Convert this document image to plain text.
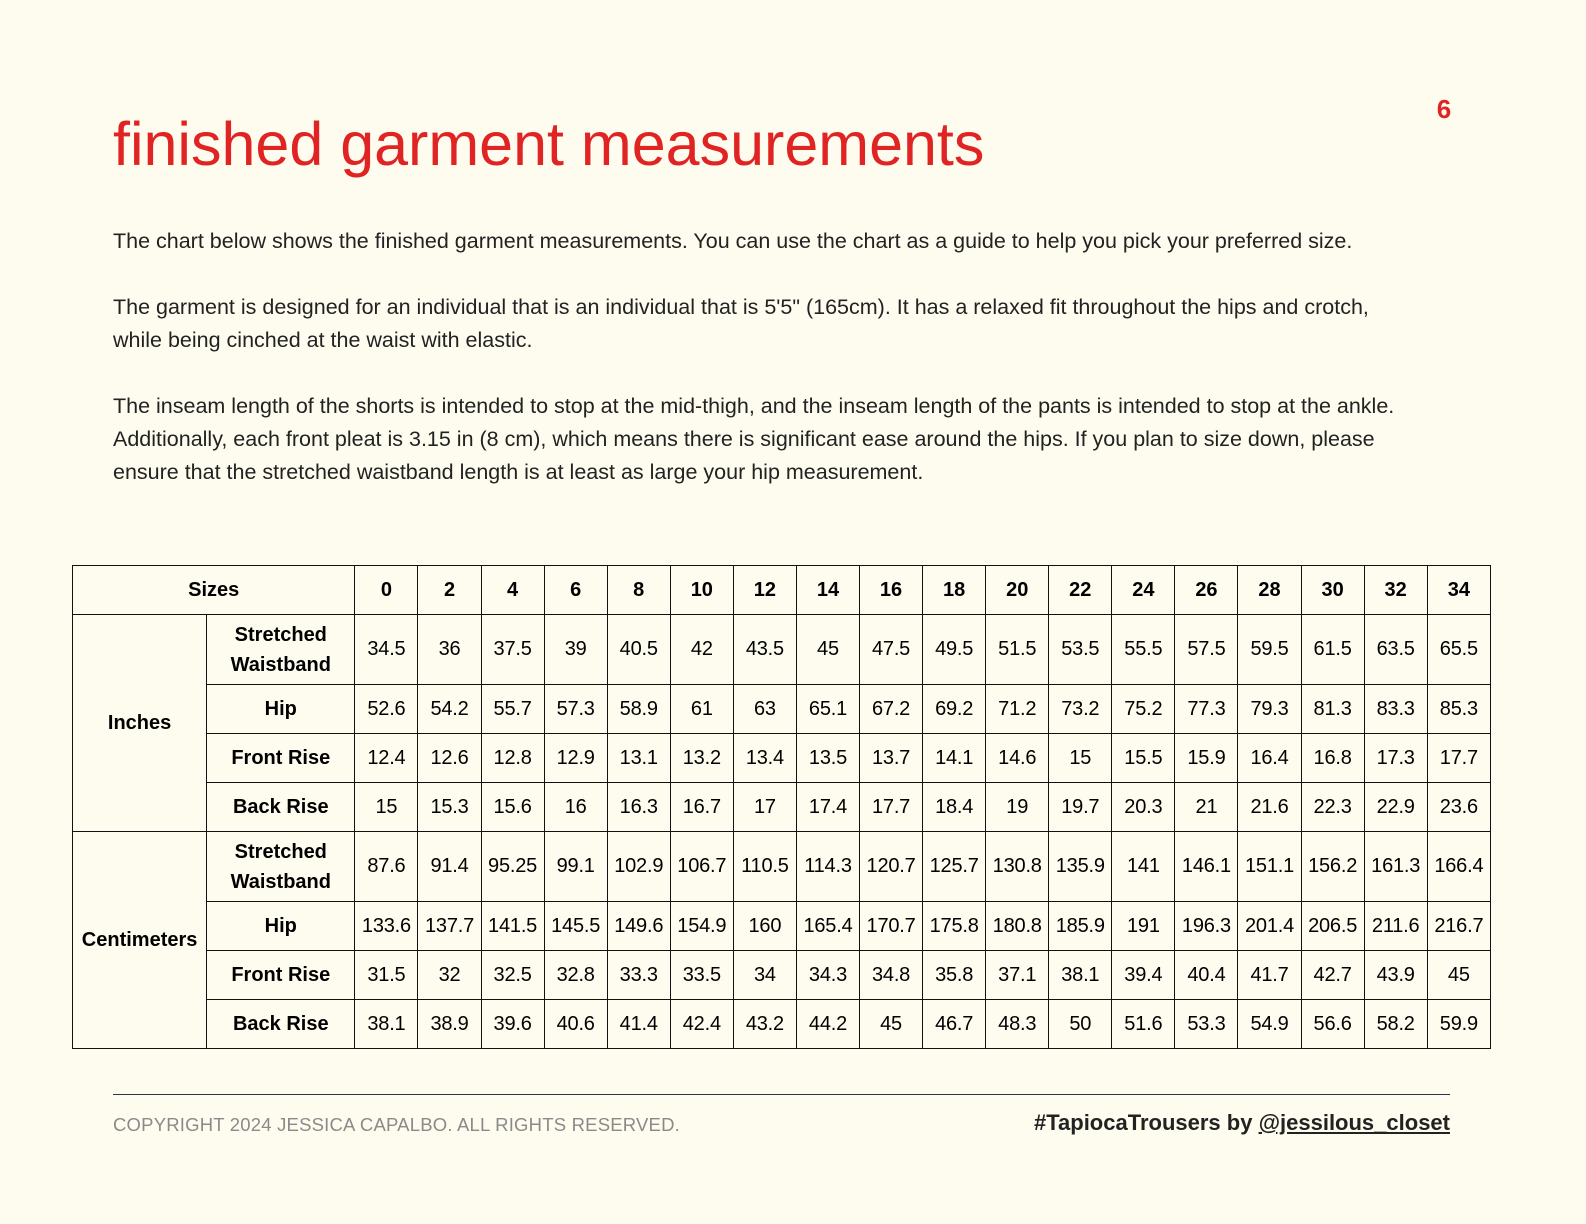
6
finished garment measurements

The chart below shows the finished garment measurements. You can use the chart as a guide to help you pick your preferred size.

The garment is designed for an individual that is an individual that is 5'5" (165cm). It has a relaxed fit throughout the hips and crotch, while being cinched at the waist with elastic.

The inseam length of the shorts is intended to stop at the mid-thigh, and the inseam length of the pants is intended to stop at the ankle. Additionally, each front pleat is 3.15 in (8 cm), which means there is significant ease around the hips. If you plan to size down, please ensure that the stretched waistband length is at least as large your hip measurement.

Sizes		0	2	4	6	8	10	12	14	16	18	20	22	24	26	28	30	32	34
Inches	Stretched Waistband	34.5	36	37.5	39	40.5	42	43.5	45	47.5	49.5	51.5	53.5	55.5	57.5	59.5	61.5	63.5	65.5
	Hip	52.6	54.2	55.7	57.3	58.9	61	63	65.1	67.2	69.2	71.2	73.2	75.2	77.3	79.3	81.3	83.3	85.3
	Front Rise	12.4	12.6	12.8	12.9	13.1	13.2	13.4	13.5	13.7	14.1	14.6	15	15.5	15.9	16.4	16.8	17.3	17.7
	Back Rise	15	15.3	15.6	16	16.3	16.7	17	17.4	17.7	18.4	19	19.7	20.3	21	21.6	22.3	22.9	23.6
Centimeters	Stretched Waistband	87.6	91.4	95.25	99.1	102.9	106.7	110.5	114.3	120.7	125.7	130.8	135.9	141	146.1	151.1	156.2	161.3	166.4
	Hip	133.6	137.7	141.5	145.5	149.6	154.9	160	165.4	170.7	175.8	180.8	185.9	191	196.3	201.4	206.5	211.6	216.7
	Front Rise	31.5	32	32.5	32.8	33.3	33.5	34	34.3	34.8	35.8	37.1	38.1	39.4	40.4	41.7	42.7	43.9	45
	Back Rise	38.1	38.9	39.6	40.6	41.4	42.4	43.2	44.2	45	46.7	48.3	50	51.6	53.3	54.9	56.6	58.2	59.9
COPYRIGHT 2024 JESSICA CAPALBO. ALL RIGHTS RESERVED.	#TapiocaTrousers by @jessilous_closet
